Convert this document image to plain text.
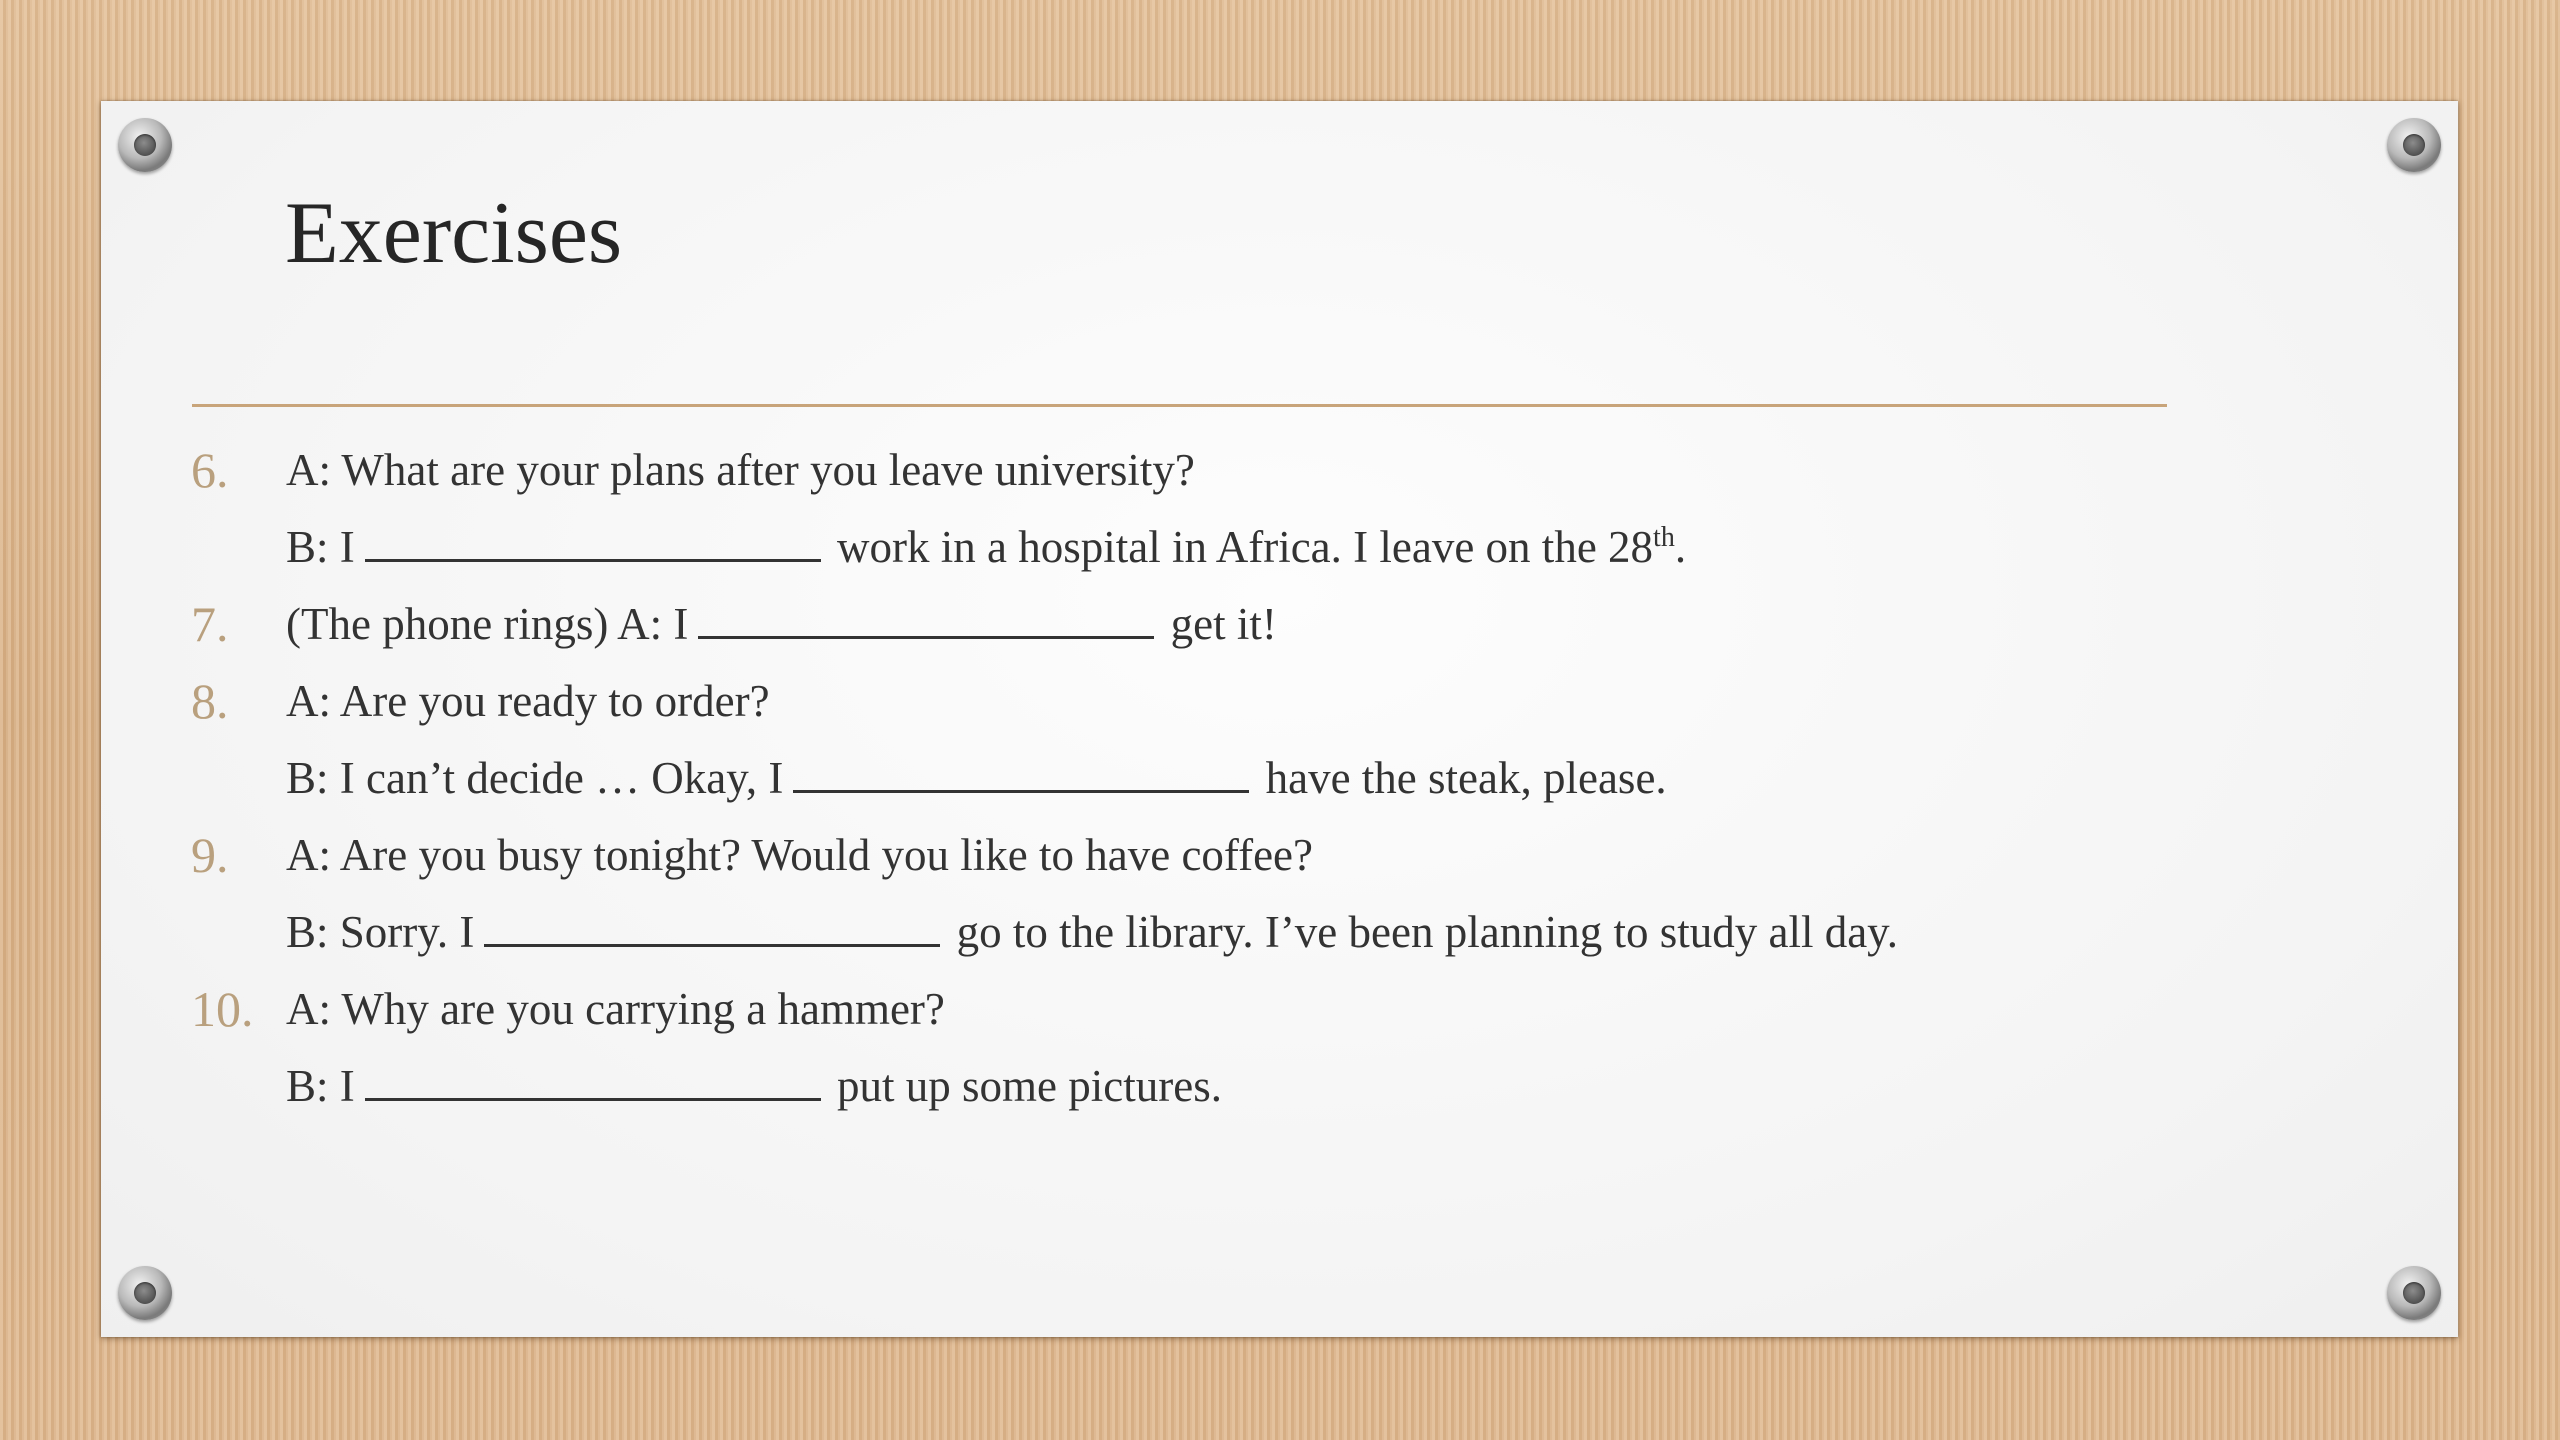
Exercises
6. A: What are your plans after you leave university?
B: I	work in a hospital in Africa. I leave on the 28th.
7. (The phone rings) A: I	get it!
8. A: Are you ready to order?
B: I can’t decide … Okay, I	have the steak, please.
9. A: Are you busy tonight? Would you like to have coffee?
B: Sorry. I	go to the library. I’ve been planning to study all day.
10. A: Why are you carrying a hammer?
B: I	put up some pictures.
